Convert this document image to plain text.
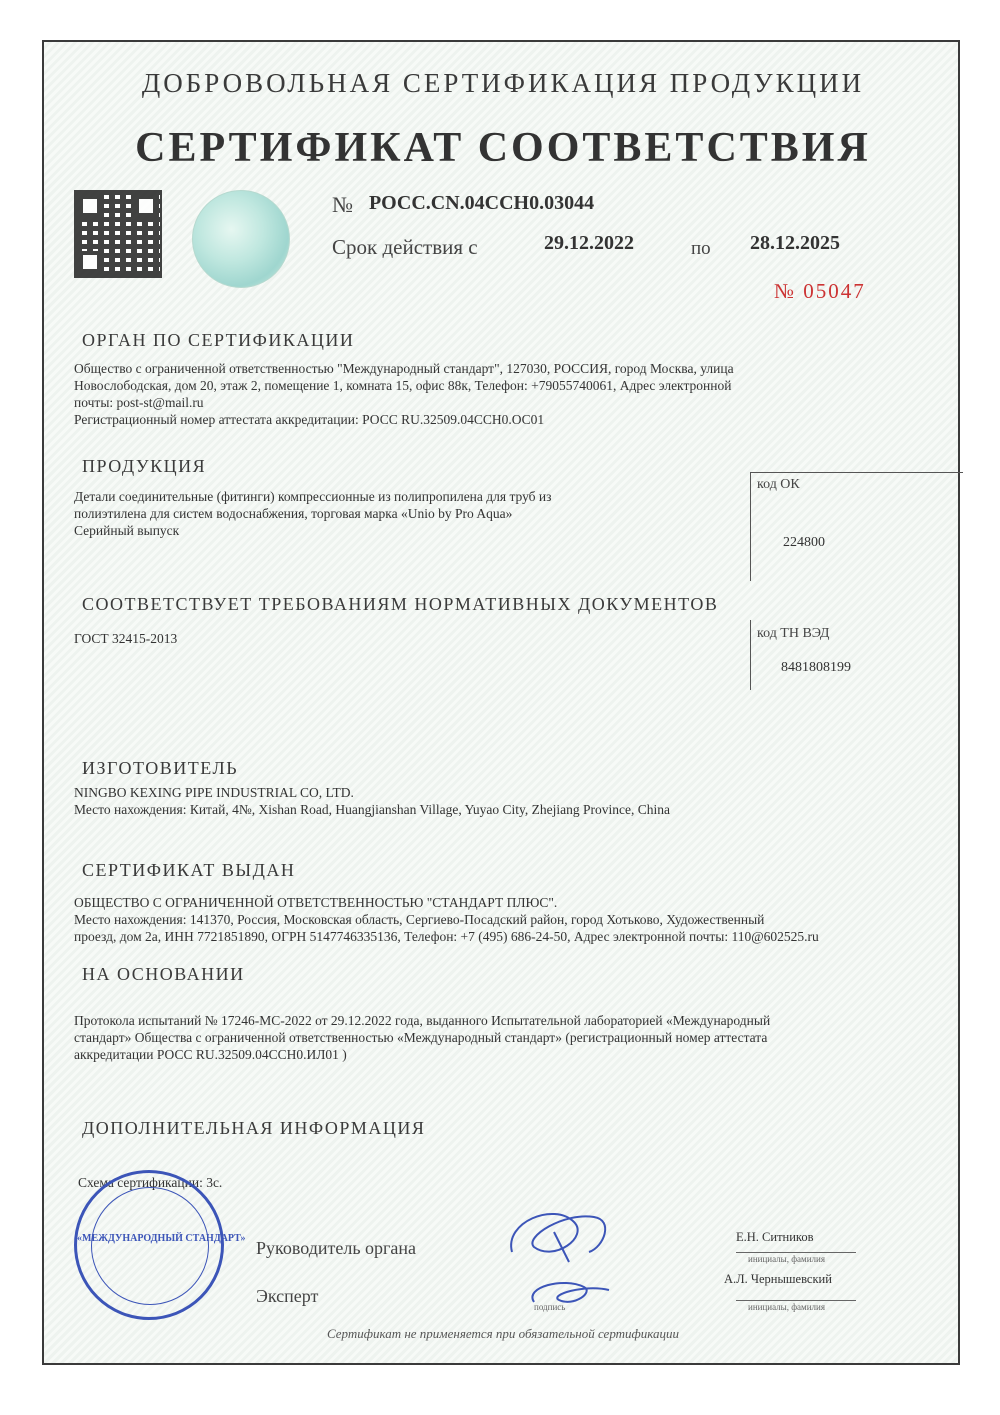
ДОБРОВОЛЬНАЯ СЕРТИФИКАЦИЯ ПРОДУКЦИИ
СЕРТИФИКАТ СООТВЕТСТВИЯ
№ РОСС.CN.04ССН0.03044
Срок действия с	29.12.2022	по 28.12.2025
№ 05047
ОРГАН ПО СЕРТИФИКАЦИИ
Общество с ограниченной ответственностью "Международный стандарт", 127030, РОССИЯ, город Москва, улица
Новослободская, дом 20, этаж 2, помещение 1, комната 15, офис 88к, Телефон: +79055740061, Адрес электронной
почты: post-st@mail.ru
Регистрационный номер аттестата аккредитации: РОСС RU.32509.04ССН0.ОС01
ПРОДУКЦИЯ
Детали соединительные (фитинги) компрессионные из полипропилена для труб из
полиэтилена для систем водоснабжения, торговая марка «Unio by Pro Aqua»
Серийный выпуск
код ОК
224800
СООТВЕТСТВУЕТ ТРЕБОВАНИЯМ НОРМАТИВНЫХ ДОКУМЕНТОВ
ГОСТ 32415-2013	код ТН ВЭД
8481808199
ИЗГОТОВИТЕЛЬ
NINGBO KEXING PIPE INDUSTRIAL CO, LTD.
Место нахождения: Китай, 4№, Xishan Road, Huangjianshan Village, Yuyao City, Zhejiang Province, China
СЕРТИФИКАТ ВЫДАН
ОБЩЕСТВО С ОГРАНИЧЕННОЙ ОТВЕТСТВЕННОСТЬЮ "СТАНДАРТ ПЛЮС".
Место нахождения: 141370, Россия, Московская область, Сергиево-Посадский район, город Хотьково, Художественный
проезд, дом 2а, ИНН 7721851890, ОГРН 5147746335136, Телефон: +7 (495) 686-24-50, Адрес электронной почты: 110@602525.ru
НА ОСНОВАНИИ
Протокола испытаний № 17246-МС-2022 от 29.12.2022 года, выданного Испытательной лабораторией «Международный
стандарт» Общества с ограниченной ответственностью «Международный стандарт» (регистрационный номер аттестата
аккредитации РОСС RU.32509.04ССН0.ИЛ01 )
ДОПОЛНИТЕЛЬНАЯ ИНФОРМАЦИЯ
Схема сертификации: 3с.
«МЕЖДУНАРОДНЫЙ СТАНДАРТ» Руководитель органа
Эксперт
Е.Н. Ситников
инициалы, фамилия
А.Л. Чернышевский
инициалы, фамилия
подпись
Сертификат не применяется при обязательной сертификации
